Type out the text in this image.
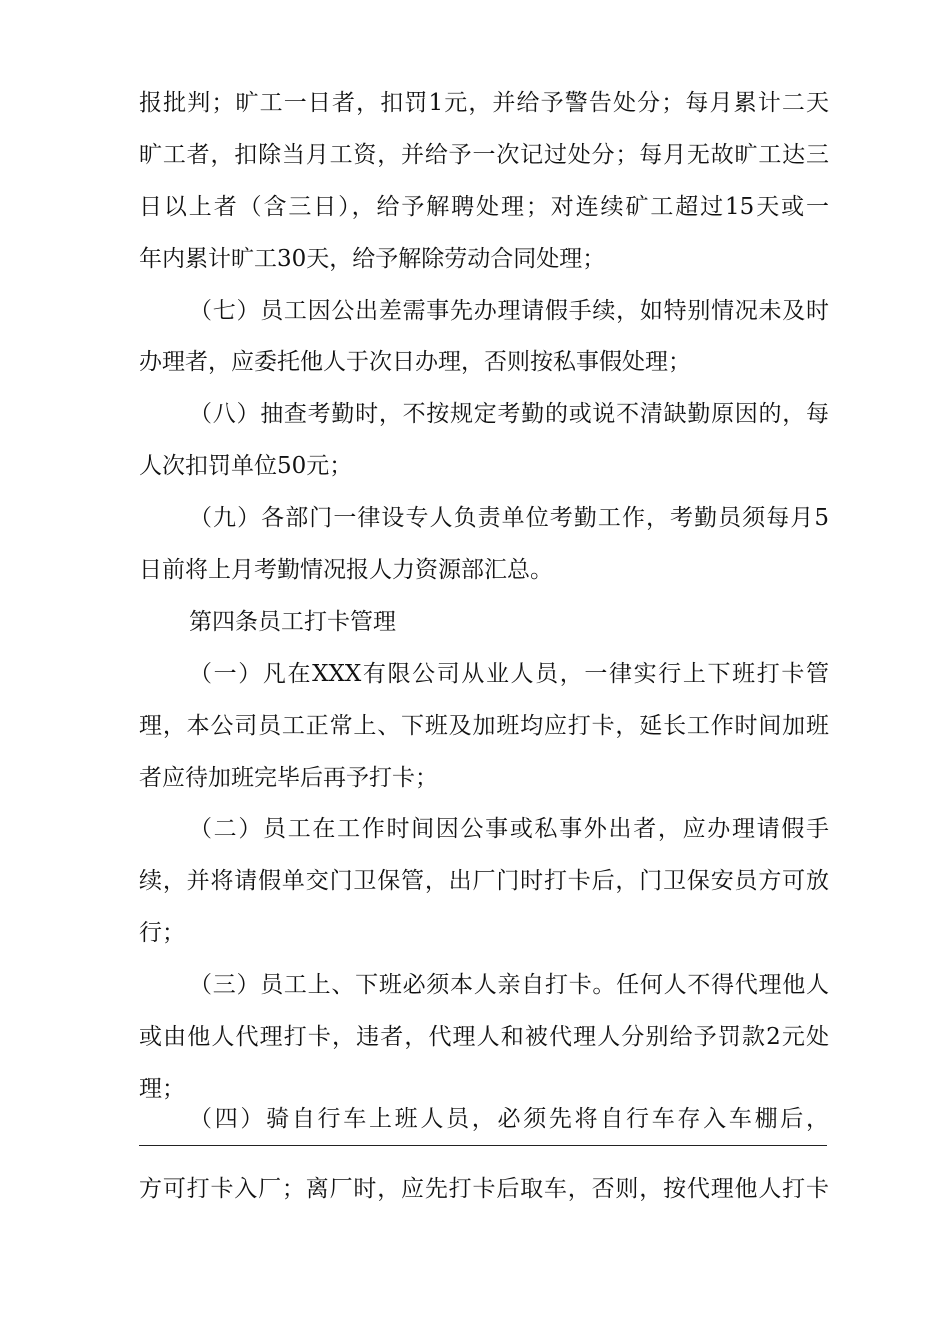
报批判；旷工一日者，扣罚1元，并给予警告处分；每月累计二天
旷工者，扣除当月工资，并给予一次记过处分；每月无故旷工达三
日以上者（含三日），给予解聘处理；对连续矿工超过15天或一
年内累计旷工30天，给予解除劳动合同处理；
（七）员工因公出差需事先办理请假手续，如特别情况未及时
办理者，应委托他人于次日办理，否则按私事假处理；
（八）抽查考勤时，不按规定考勤的或说不清缺勤原因的，每
人次扣罚单位50元；
（九）各部门一律设专人负责单位考勤工作，考勤员须每月5
日前将上月考勤情况报人力资源部汇总。
第四条员工打卡管理
（一）凡在XXX有限公司从业人员，一律实行上下班打卡管
理，本公司员工正常上、下班及加班均应打卡，延长工作时间加班
者应待加班完毕后再予打卡；
（二）员工在工作时间因公事或私事外出者，应办理请假手
续，并将请假单交门卫保管，出厂门时打卡后，门卫保安员方可放
行；
（三）员工上、下班必须本人亲自打卡。任何人不得代理他人
或由他人代理打卡，违者，代理人和被代理人分别给予罚款2元处
理；
（四）骑自行车上班人员，必须先将自行车存入车棚后，
方可打卡入厂；离厂时，应先打卡后取车，否则，按代理他人打卡
